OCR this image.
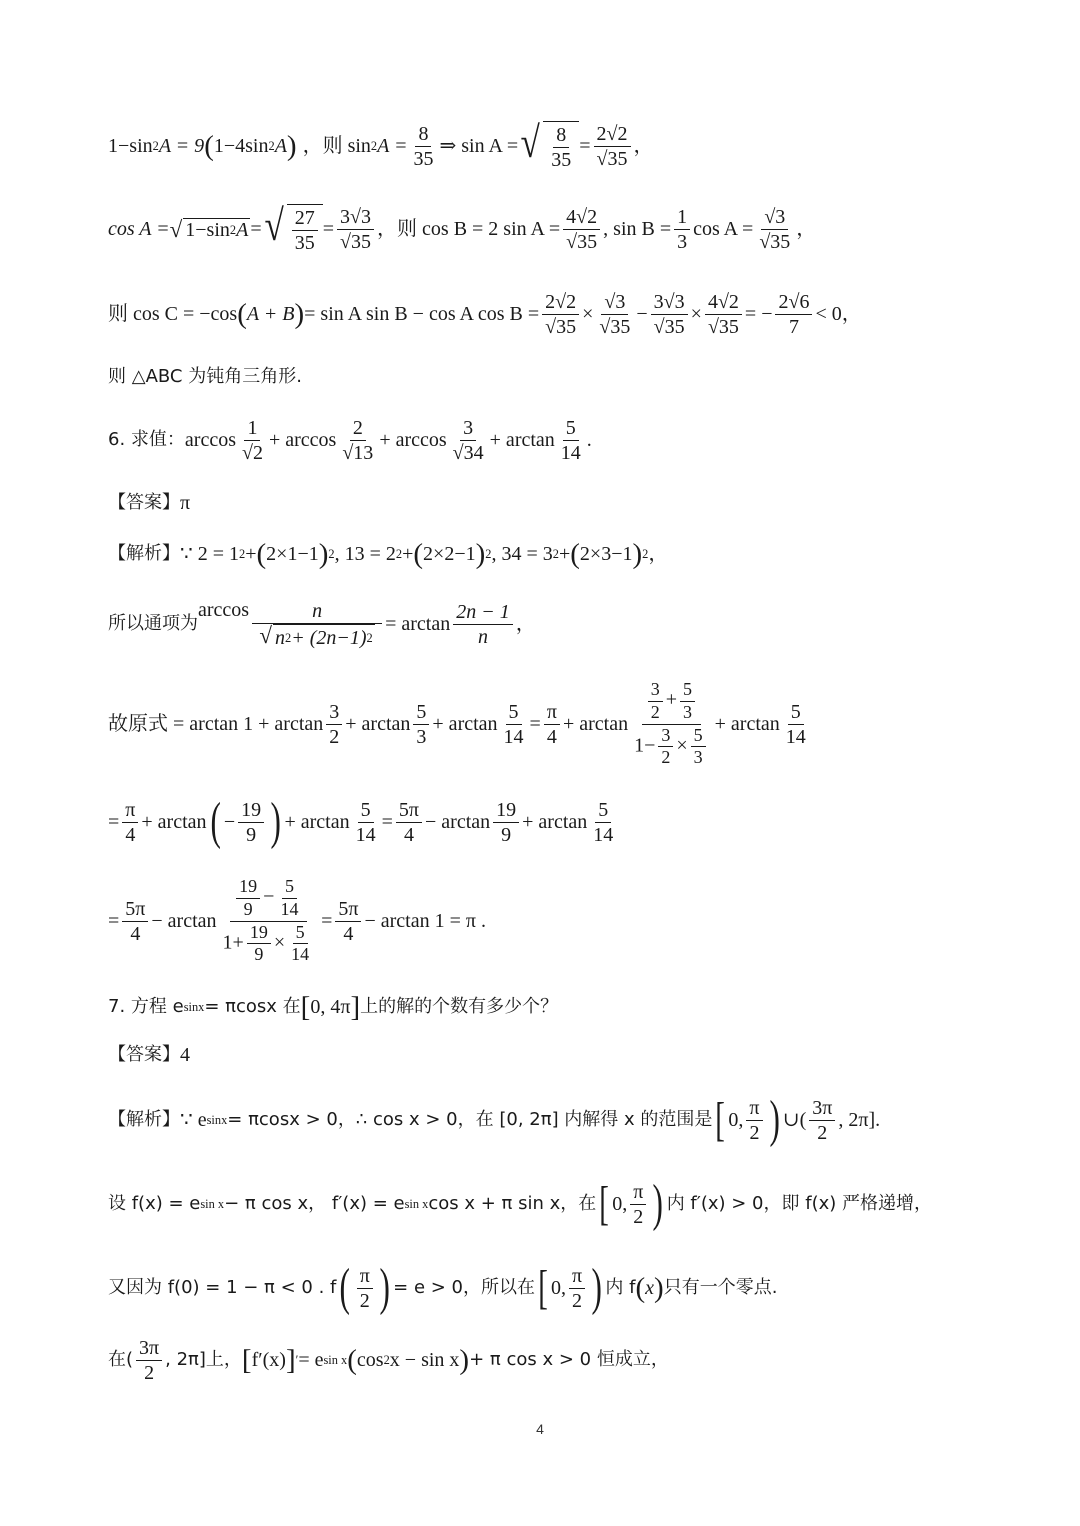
1−sin 2 A = 9 ( 1−4sin 2 A ) ，则 sin 2 $A = \frac{8}{35}$ ⇒ sin A = √ $\frac{8}{35} = \frac{2√2}{√35}$ ，
cos A = √ 1−sin 2 A = √ $\frac{27}{35} = \frac{3√3}{√35}$ ，则 cos B = 2 $\sin A = \frac{4√2}{√35}$ , $\sin B = \frac{1}{3}$ $\cos A = \frac{√3}{√35}$ ，
则 cos C = −cos ( A + B ) = sin A sin B − cos A $\cos B = \frac{2√2}{√35} \times \frac{√3}{√35} - \frac{3√3}{√35} \times \frac{4√2}{√35}$ = − $\frac{2√6}{7} < 0$，
则 △ABC 为钝角三角形.
6. 求值： $\arccos \frac{1}{√2} + \arccos \frac{2}{√13} + \arccos \frac{3}{√34} + \arctan \frac{5}{14}$ .
【答案】 π
【解析】 ∵ 2 = 1 2 + ( 2×1−1 ) 2 , 13 = 2 2 + ( 2×2−1 ) 2 , 34 = 3 2 + ( 2×3−1 ) 2 ，
所以通项为
$\arccos \frac{n}{√ n 2 + (2n-1) 2} = \arctan \frac{2n - 1}{n}$ ，
故原式 = $\arctan 1 + \arctan \frac{3}{2} + \arctan \frac{5}{3} + \arctan \frac{5}{14} = \frac{\pi}{4} + \arctan \frac{\frac{3}{2} + \frac{5}{3}}{1- \frac{3}{2} \times \frac{5}{3}} + \arctan \frac{5}{14}$
= $\frac{\pi}{4} + \arctan$ ( − $\frac{19}{9}$ ) + $\arctan \frac{5}{14} = \frac{5\pi}{4} - \arctan \frac{19}{9} + \arctan \frac{5}{14}$
= $\frac{5\pi}{4} - \arctan \frac{\frac{19}{9} - \frac{5}{14}}{1+ \frac{19}{9} \times \frac{5}{14}} = \frac{5\pi}{4} - \arctan 1 = \pi$ .
7. 方程 e sinx = πcosx 在 [ 0, 4π ] 上的解的个数有多少个？
【答案】 4
【解析】 ∵ e sinx = πcosx > 0，∴ cos x > 0，在 [0, 2π] 内解得 x 的范围是 [ 0, $\frac{\pi}{2}$ ) ∪( $\frac{3\pi}{2}$ , 2π].
设 f(x) = e sin x − π cos x， f′(x) = e sin x cos x + π sin x，在 [ 0, $\frac{\pi}{2}$ ) 内 f′(x) > 0，即 f(x) 严格递增，
又因为 f(0) = 1 − π < 0 . f ( $\frac{\pi}{2}$ ) = e > 0，所以在 [ 0, $\frac{\pi}{2}$ ) 内 f ( x ) 只有一个零点.
在( $\frac{3\pi}{2}$ , 2π]上， [ f′(x) ] ′ = e sin x ( cos 2 x − sin x ) + π cos x > 0 恒成立，
4
